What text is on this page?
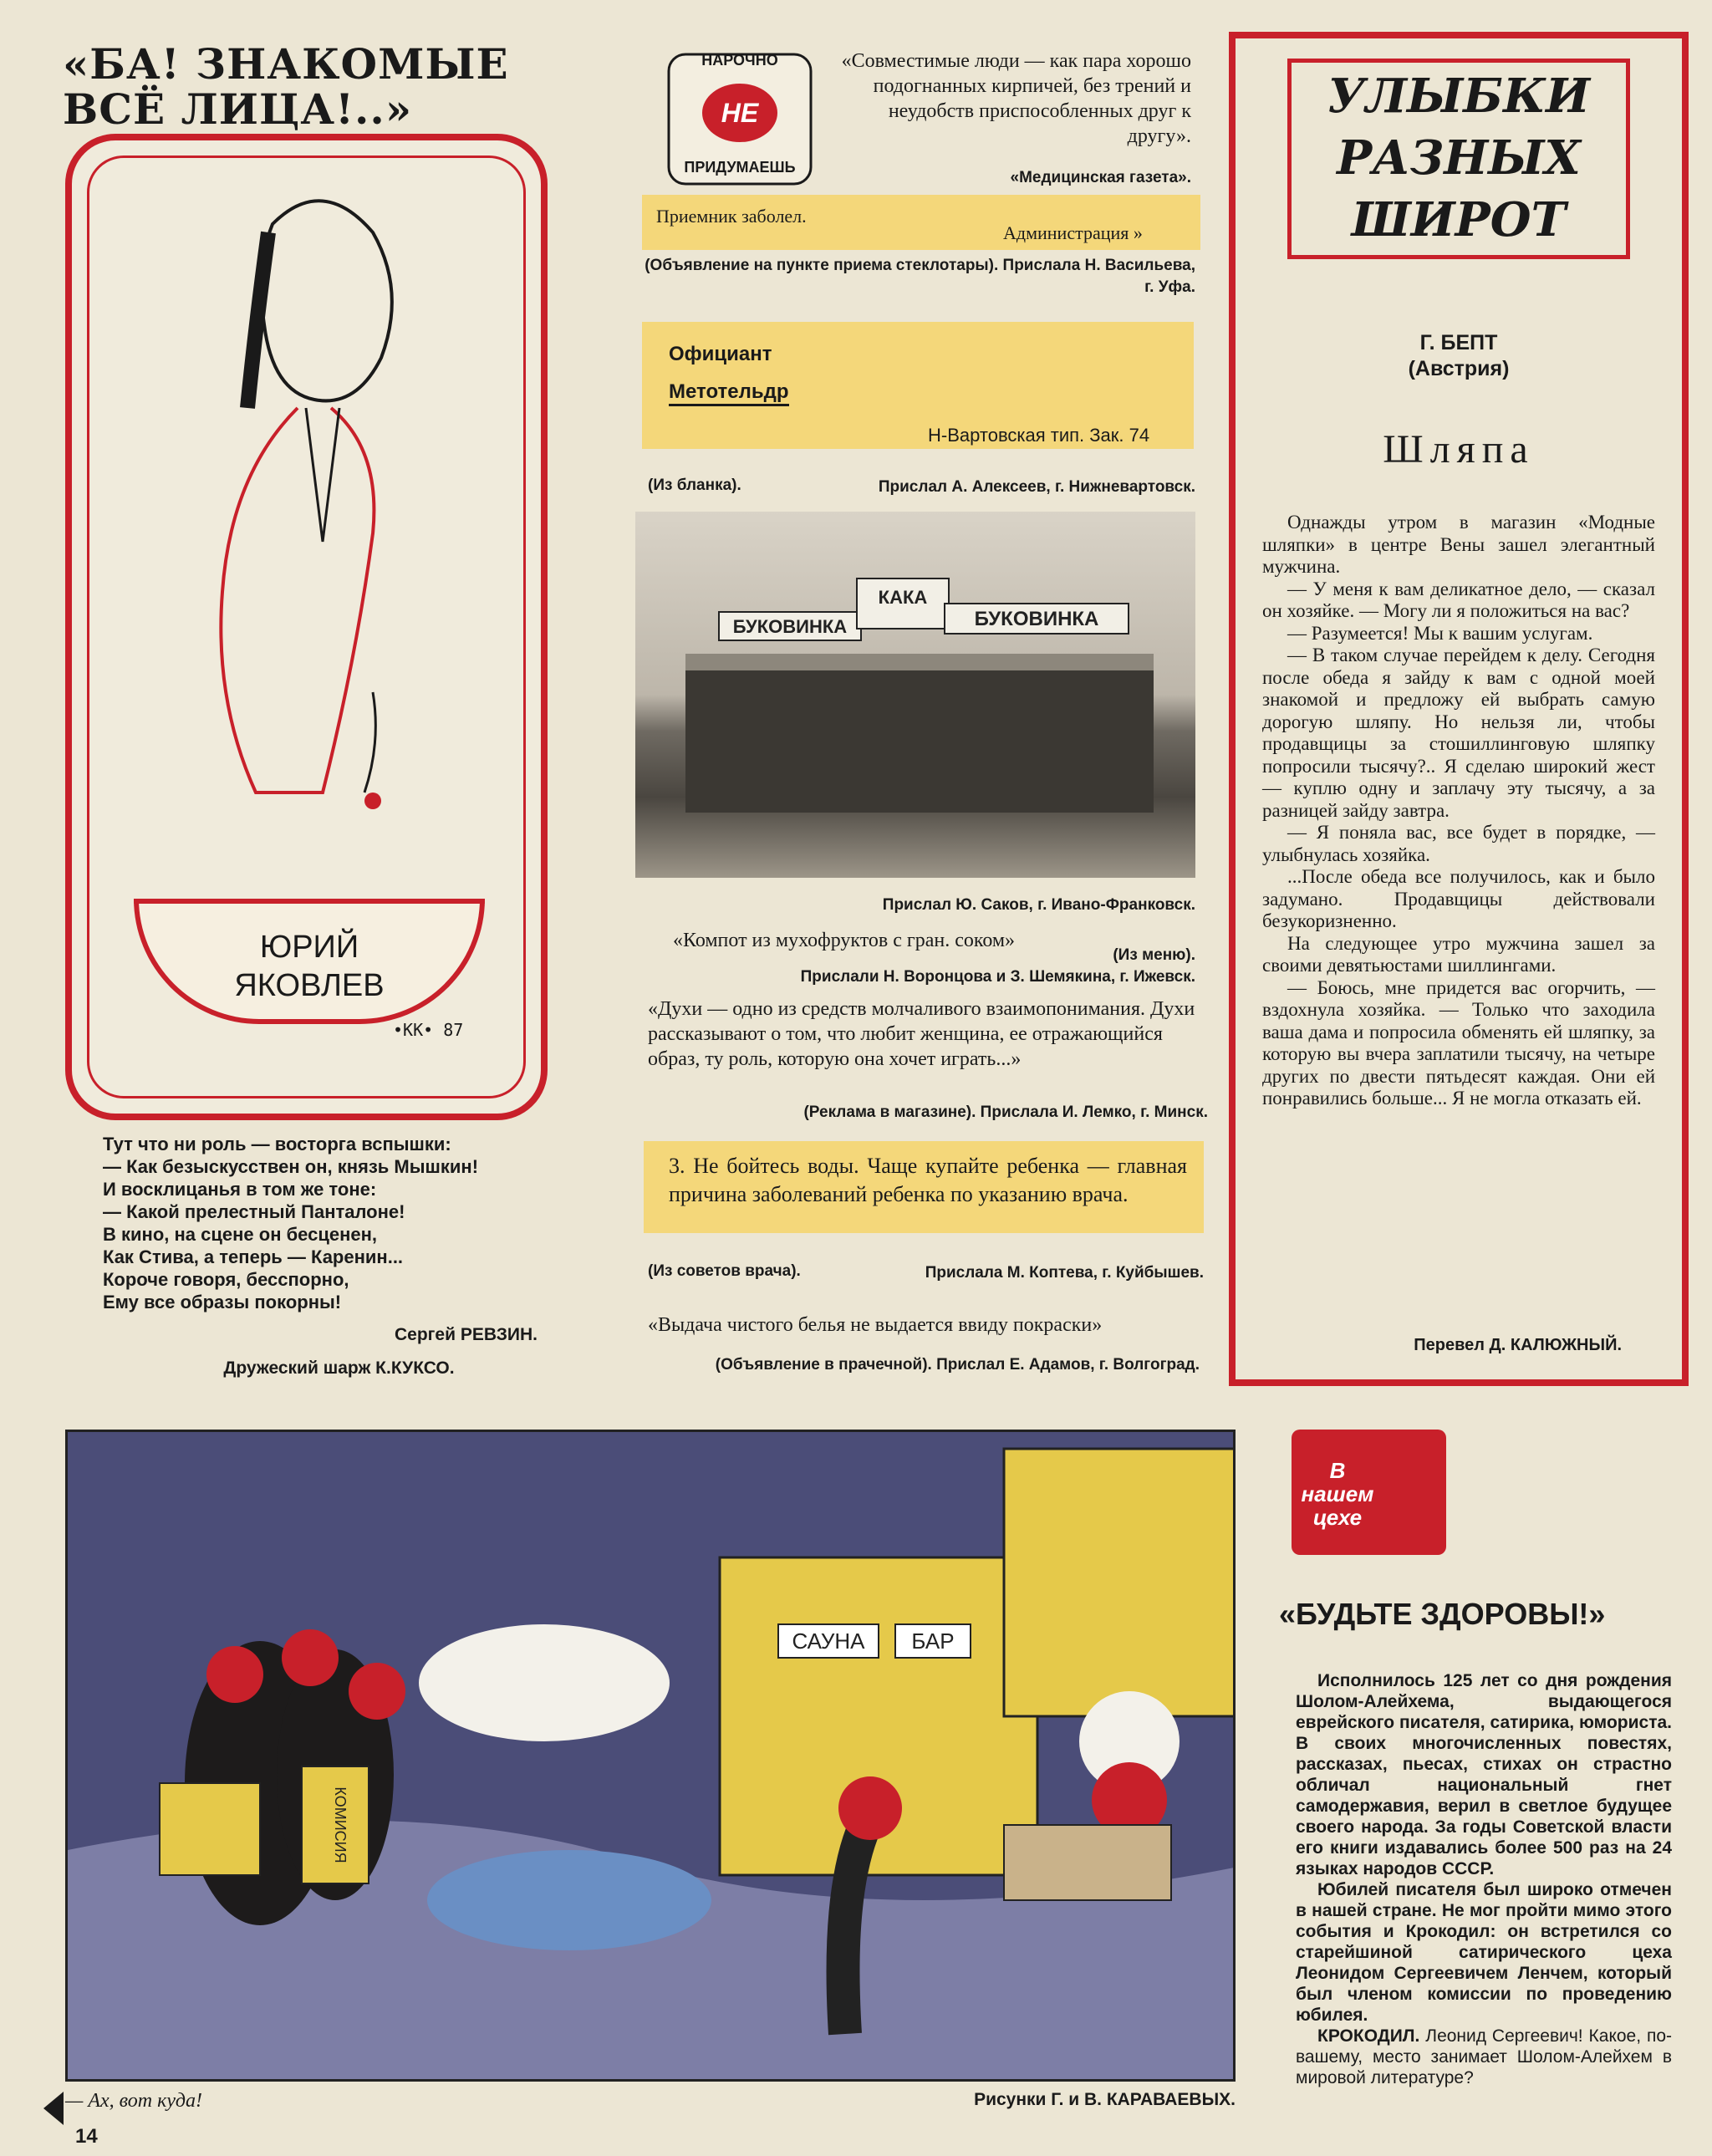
«БА! ЗНАКОМЫЕ ВСЁ ЛИЦА!..»
ЮРИЙ
ЯКОВЛЕВ
•КК• 87

Тут что ни роль — восторга вспышки:

— Как безыскусствен он, князь Мышкин!

И восклицанья в том же тоне:

— Какой прелестный Панталоне!

В кино, на сцене он бесценен,

Как Стива, а теперь — Каренин...

Короче говоря, бесспорно,

Ему все образы покорны!

Сергей РЕВЗИН.
Дружеский шарж К.КУКСО.
НАРОЧНО
НЕ
ПРИДУМАЕШЬ
«Совместимые люди — как пара хорошо подогнанных кирпичей, без трений и неудобств приспособленных друг к другу».
«Медицинская газета».
Приемник заболел.
Администрация »
(Объявление на пункте приема стеклотары). Прислала Н. Васильева, г. Уфа.
Официант
Метотельдр
Н-Вартовская тип. Зак. 74
(Из бланка).	Прислал А. Алексеев, г. Нижневартовск.
БУКОВИНКА
КАКА
БУКОВИНКА
Прислал Ю. Саков, г. Ивано-Франковск.
«Компот из мухофруктов с гран. соком»
(Из меню).
Прислали Н. Воронцова и З. Шемякина, г. Ижевск.
«Духи — одно из средств молчаливого взаимопонимания. Духи рассказывают о том, что любит женщина, ее отражающийся образ, ту роль, которую она хочет играть...»
(Реклама в магазине). Прислала И. Лемко, г. Минск.
3. Не бойтесь воды. Чаще купайте ребенка — главная причина заболеваний ребенка по указанию врача.
(Из советов врача).	Прислала М. Коптева, г. Куйбышев.
«Выдача чистого белья не выдается ввиду покраски»
(Объявление в прачечной). Прислал Е. Адамов, г. Волгоград.
УЛЫБКИ
РАЗНЫХ
ШИРОТ
Г. БЕПТ
(Австрия)
Шляпа

Однажды утром в магазин «Модные шляпки» в центре Вены зашел элегантный мужчина.

— У меня к вам деликатное дело, — сказал он хозяйке. — Могу ли я положиться на вас?

— Разумеется! Мы к вашим услугам.

— В таком случае перейдем к делу. Сегодня после обеда я зайду к вам с одной моей знакомой и предложу ей выбрать самую дорогую шляпу. Но нельзя ли, чтобы продавщицы за стошиллинговую шляпку попросили тысячу?.. Я сделаю широкий жест — куплю одну и заплачу эту тысячу, а за разницей зайду завтра.

— Я поняла вас, все будет в порядке, — улыбнулась хозяйка.

...После обеда все получилось, как и было задумано. Продавщицы действовали безукоризненно.

На следующее утро мужчина зашел за своими девятьюстами шиллингами.

— Боюсь, мне придется вас огорчить, — вздохнула хозяйка. — Только что заходила ваша дама и попросила обменять ей шляпку, за которую вы вчера заплатили тысячу, на четыре других по двести пятьдесят каждая. Они ей понравились больше... Я не могла отказать ей.

Перевел Д. КАЛЮЖНЫЙ.
САУНА БАР
КОМИСИЯ
— Ах, вот куда!
14
Рисунки Г. и В. КАРАВАЕВЫХ.
В нашем цехе
«БУДЬТЕ ЗДОРОВЫ!»

Исполнилось 125 лет со дня рождения Шолом-Алейхема, выдающегося еврейского писателя, сатирика, юмориста. В своих многочисленных повестях, рассказах, пьесах, стихах он страстно обличал национальный гнет самодержавия, верил в светлое будущее своего народа. За годы Советской власти его книги издавались более 500 раз на 24 языках народов СССР.

Юбилей писателя был широко отмечен в нашей стране. Не мог пройти мимо этого события и Крокодил: он встретился со старейшиной сатирического цеха Леонидом Сергеевичем Ленчем, который был членом комиссии по проведению юбилея.

КРОКОДИЛ. Леонид Сергеевич! Какое, по-вашему, место занимает Шолом-Алейхем в мировой литературе?
